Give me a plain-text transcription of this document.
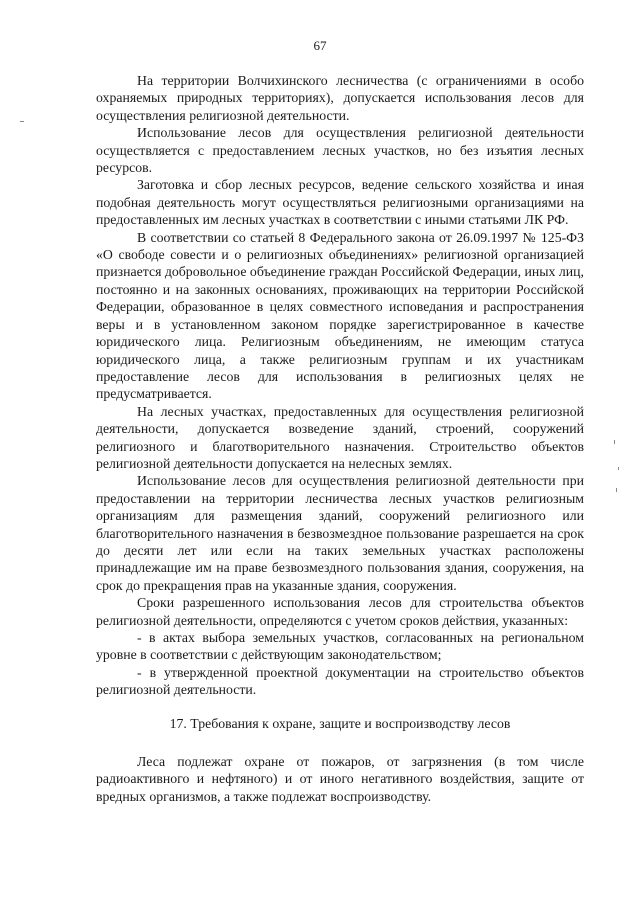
67

На территории Волчихинского лесничества (с ограничениями в особо охраняемых природных территориях), допускается использования лесов для осуществления религиозной деятельности.

Использование лесов для осуществления религиозной деятельности осуществляется с предоставлением лесных участков, но без изъятия лесных ресурсов.

Заготовка и сбор лесных ресурсов, ведение сельского хозяйства и иная подобная деятельность могут осуществляться религиозными организациями на предоставленных им лесных участках в соответствии с иными статьями ЛК РФ.

В соответствии со статьей 8 Федерального закона от 26.09.1997 № 125-ФЗ «О свободе совести и о религиозных объединениях» религиозной организацией признается добровольное объединение граждан Российской Федерации, иных лиц, постоянно и на законных основаниях, проживающих на территории Российской Федерации, образованное в целях совместного исповедания и распространения веры и в установленном законом порядке зарегистрированное в качестве юридического лица. Религиозным объединениям, не имеющим статуса юридического лица, а также религиозным группам и их участникам предоставление лесов для использования в религиозных целях не предусматривается.

На лесных участках, предоставленных для осуществления религиозной деятельности, допускается возведение зданий, строений, сооружений религиозного и благотворительного назначения. Строительство объектов религиозной деятельности допускается на нелесных землях.

Использование лесов для осуществления религиозной деятельности при предоставлении на территории лесничества лесных участков религиозным организациям для размещения зданий, сооружений религиозного или благотворительного назначения в безвозмездное пользование разрешается на срок до десяти лет или если на таких земельных участках расположены принадлежащие им на праве безвозмездного пользования здания, сооружения, на срок до прекращения прав на указанные здания, сооружения.

Сроки разрешенного использования лесов для строительства объектов религиозной деятельности, определяются с учетом сроков действия, указанных:

- в актах выбора земельных участков, согласованных на региональном уровне в соответствии с действующим законодательством;

- в утвержденной проектной документации на строительство объектов религиозной деятельности.

17. Требования к охране, защите и воспроизводству лесов

Леса подлежат охране от пожаров, от загрязнения (в том числе радиоактивного и нефтяного) и от иного негативного воздействия, защите от вредных организмов, а также подлежат воспроизводству.
